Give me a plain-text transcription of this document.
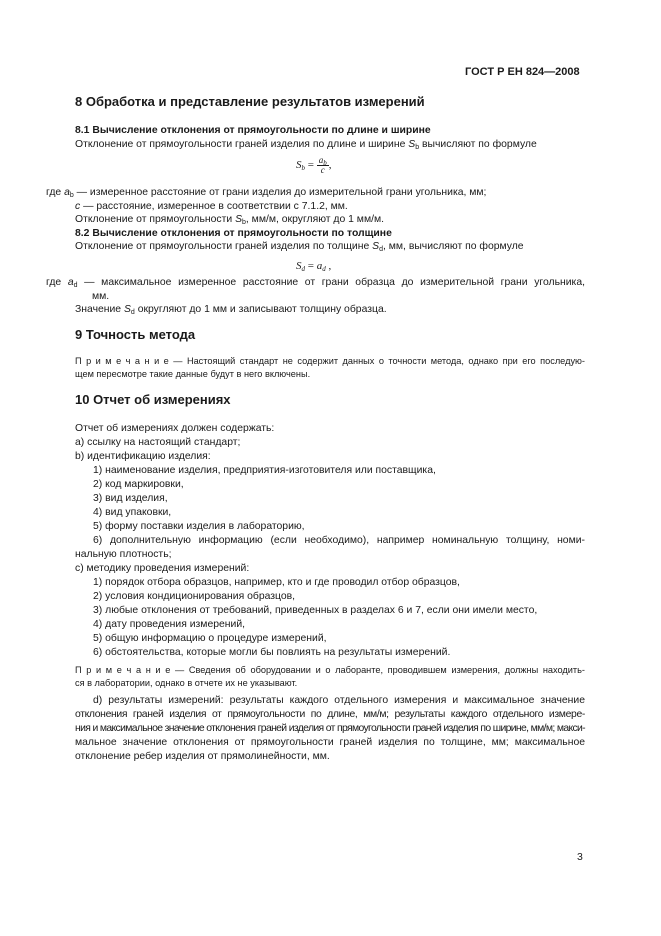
ГОСТ Р ЕН 824—2008
8 Обработка и представление результатов измерений
8.1 Вычисление отклонения от прямоугольности по длине и ширине
Отклонение от прямоугольности граней изделия по длине и ширине $S_b$ вычисляют по формуле
$S_b = \frac{a_b}{c}$ ,
где $a_b$ — измеренное расстояние от грани изделия до измерительной грани угольника, мм;
c — расстояние, измеренное в соответствии с 7.1.2, мм.
Отклонение от прямоугольности $S_b$, мм/м, округляют до 1 мм/м.
8.2 Вычисление отклонения от прямоугольности по толщине
Отклонение от прямоугольности граней изделия по толщине $S_d$, мм, вычисляют по формуле
$S_d = a_d$ ,
где $a_d$ — максимальное измеренное расстояние от грани образца до измерительной грани угольника,
мм.
Значение $S_d$ округляют до 1 мм и записывают толщину образца.
9 Точность метода
П р и м е ч а н и е — Настоящий стандарт не содержит данных о точности метода, однако при его последую-
щем пересмотре такие данные будут в него включены.
10 Отчет об измерениях
Отчет об измерениях должен содержать:
а) ссылку на настоящий стандарт;
b) идентификацию изделия:
1) наименование изделия, предприятия-изготовителя или поставщика,
2) код маркировки,
3) вид изделия,
4) вид упаковки,
5) форму поставки изделия в лабораторию,
6) дополнительную информацию (если необходимо), например номинальную толщину, номи-
нальную плотность;
с) методику проведения измерений:
1) порядок отбора образцов, например, кто и где проводил отбор образцов,
2) условия кондиционирования образцов,
3) любые отклонения от требований, приведенных в разделах 6 и 7, если они имели место,
4) дату проведения измерений,
5) общую информацию о процедуре измерений,
6) обстоятельства, которые могли бы повлиять на результаты измерений.
П р и м е ч а н и е — Сведения об оборудовании и о лаборанте, проводившем измерения, должны находить-
ся в лаборатории, однако в отчете их не указывают.
d) результаты измерений: результаты каждого отдельного измерения и максимальное значение
отклонения граней изделия от прямоугольности по длине, мм/м; результаты каждого отдельного измере-
ния и максимальное значение отклонения граней изделия от прямоугольности граней изделия по ширине, мм/м; макси-
мальное значение отклонения от прямоугольности граней изделия по толщине, мм; максимальное
отклонение ребер изделия от прямолинейности, мм.
3
